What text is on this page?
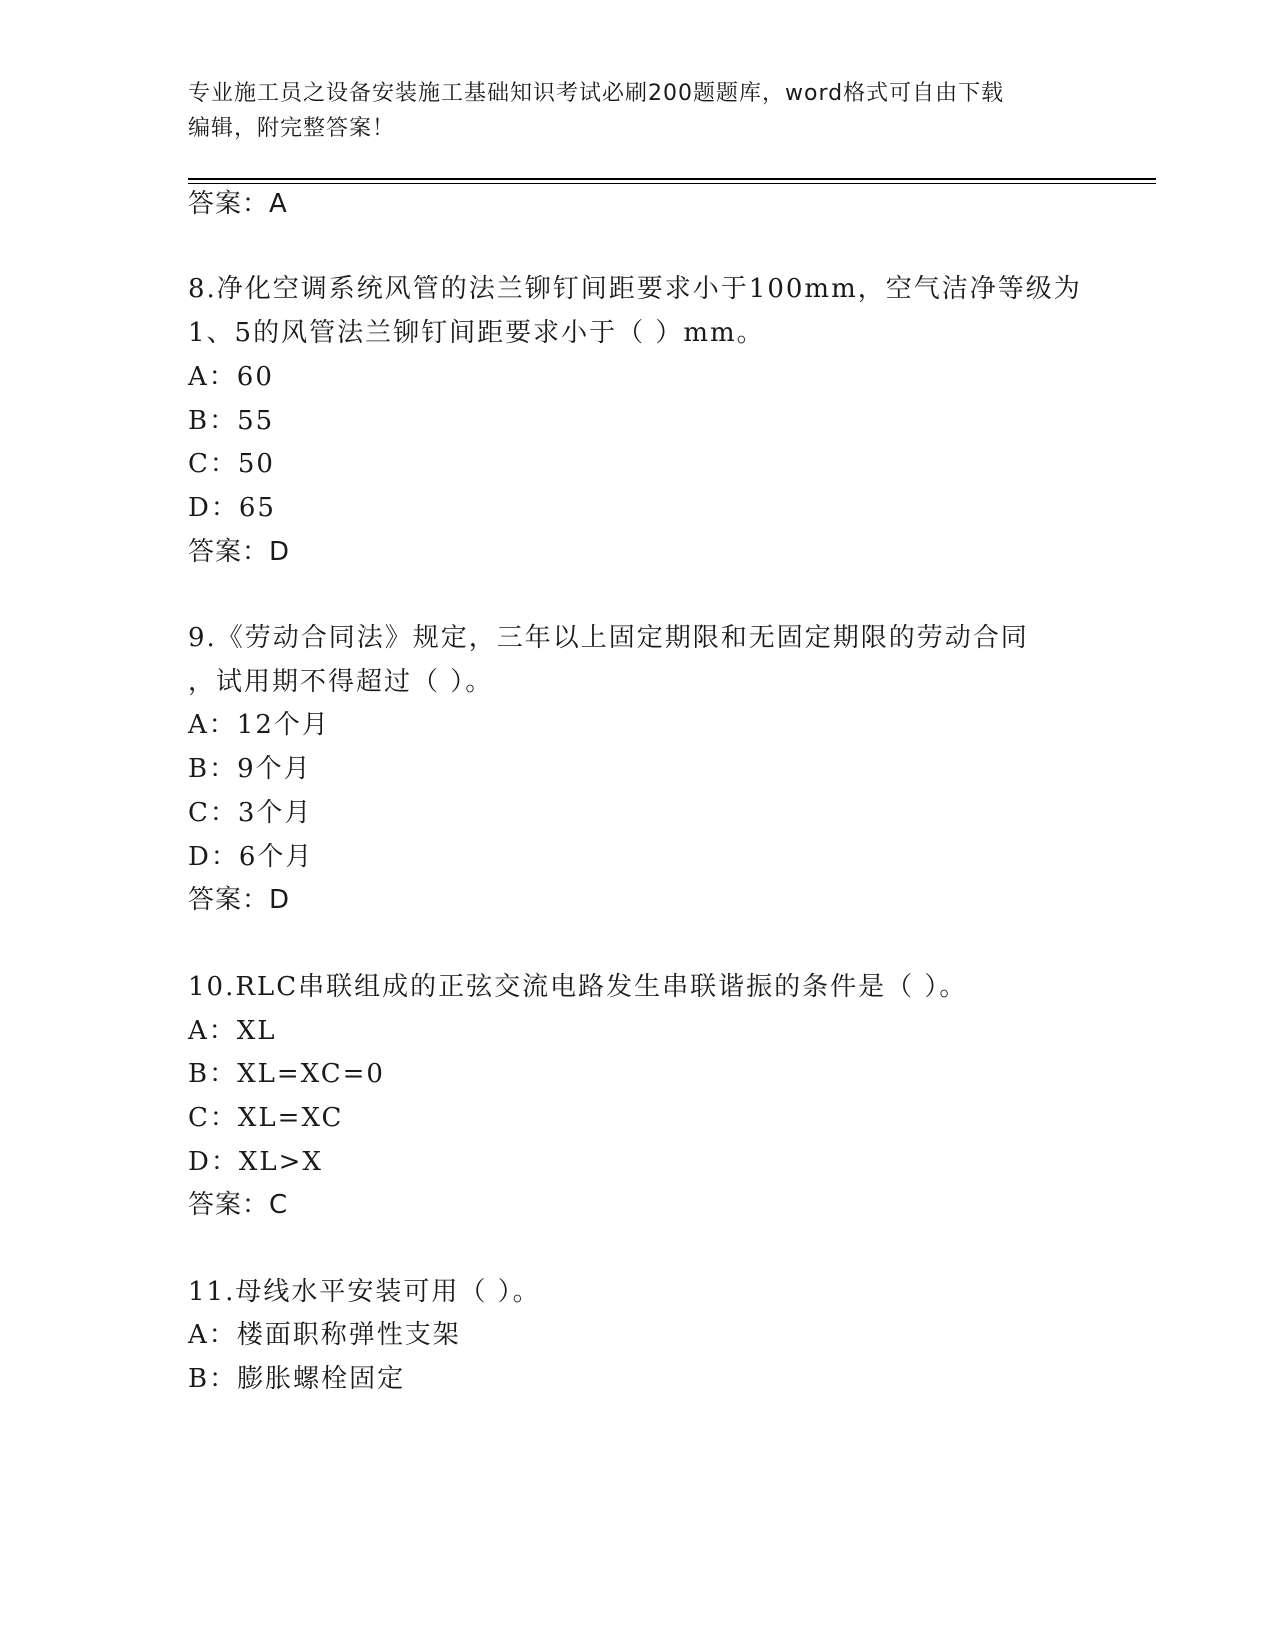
专业施工员之设备安装施工基础知识考试必刷200题题库，word格式可自由下载
编辑，附完整答案！
答案：A
8.净化空调系统风管的法兰铆钉间距要求小于100mm，空气洁净等级为
1、5的风管法兰铆钉间距要求小于（ ）mm。
A：60
B：55
C：50
D：65
答案：D
9.《劳动合同法》规定，三年以上固定期限和无固定期限的劳动合同
，试用期不得超过（ ）。
A：12个月
B：9个月
C：3个月
D：6个月
答案：D
10.RLC串联组成的正弦交流电路发生串联谐振的条件是（ ）。
A：XL
B：XL=XC=0
C：XL=XC
D：XL>X
答案：C
11.母线水平安装可用（ ）。
A：楼面职称弹性支架
B：膨胀螺栓固定
